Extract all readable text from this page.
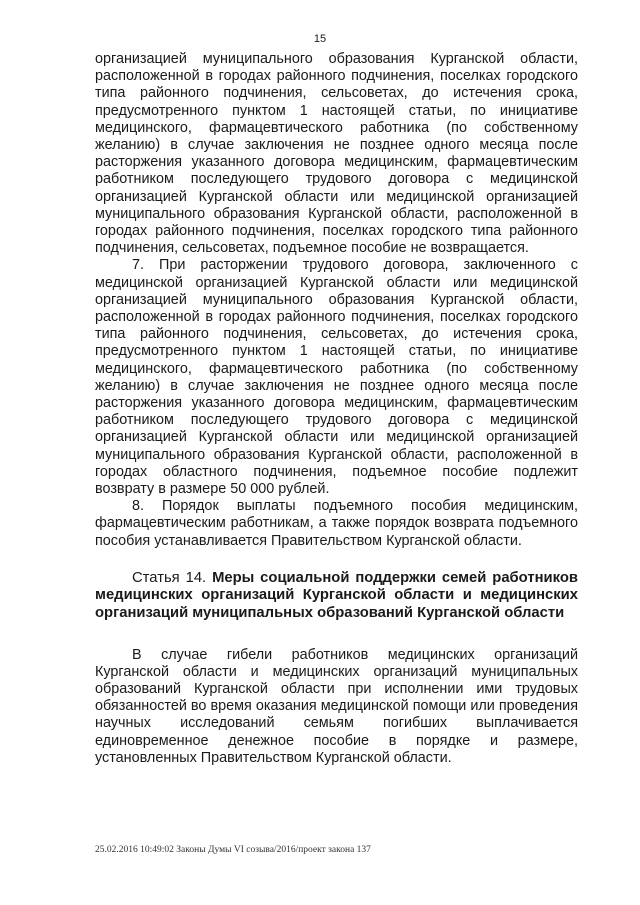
15

организацией муниципального образования Курганской области, расположенной в городах районного подчинения, поселках городского типа районного подчинения, сельсоветах, до истечения срока, предусмотренного пунктом 1 настоящей статьи, по инициативе медицинского, фармацевтического работника (по собственному желанию) в случае заключения не позднее одного месяца после расторжения указанного договора медицинским, фармацевтическим работником последующего трудового договора с медицинской организацией Курганской области или медицинской организацией муниципального образования Курганской области, расположенной в городах районного подчинения, поселках городского типа районного подчинения, сельсоветах, подъемное пособие не возвращается.

7. При расторжении трудового договора, заключенного с медицинской организацией Курганской области или медицинской организацией муниципального образования Курганской области, расположенной в городах районного подчинения, поселках городского типа районного подчинения, сельсоветах, до истечения срока, предусмотренного пунктом 1 настоящей статьи, по инициативе медицинского, фармацевтического работника (по собственному желанию) в случае заключения не позднее одного месяца после расторжения указанного договора медицинским, фармацевтическим работником последующего трудового договора с медицинской организацией Курганской области или медицинской организацией муниципального образования Курганской области, расположенной в городах областного подчинения, подъемное пособие подлежит возврату в размере 50 000 рублей.

8. Порядок выплаты подъемного пособия медицинским, фармацевтическим работникам, а также порядок возврата подъемного пособия устанавливается Правительством Курганской области.

Статья 14. Меры социальной поддержки семей работников медицинских организаций Курганской области и медицинских организаций муниципальных образований Курганской области

В случае гибели работников медицинских организаций Курганской области и медицинских организаций муниципальных образований Курганской области при исполнении ими трудовых обязанностей во время оказания медицинской помощи или проведения научных исследований семьям погибших выплачивается единовременное денежное пособие в порядке и размере, установленных Правительством Курганской области.

25.02.2016 10:49:02 Законы Думы VI созыва/2016/проект закона 137
